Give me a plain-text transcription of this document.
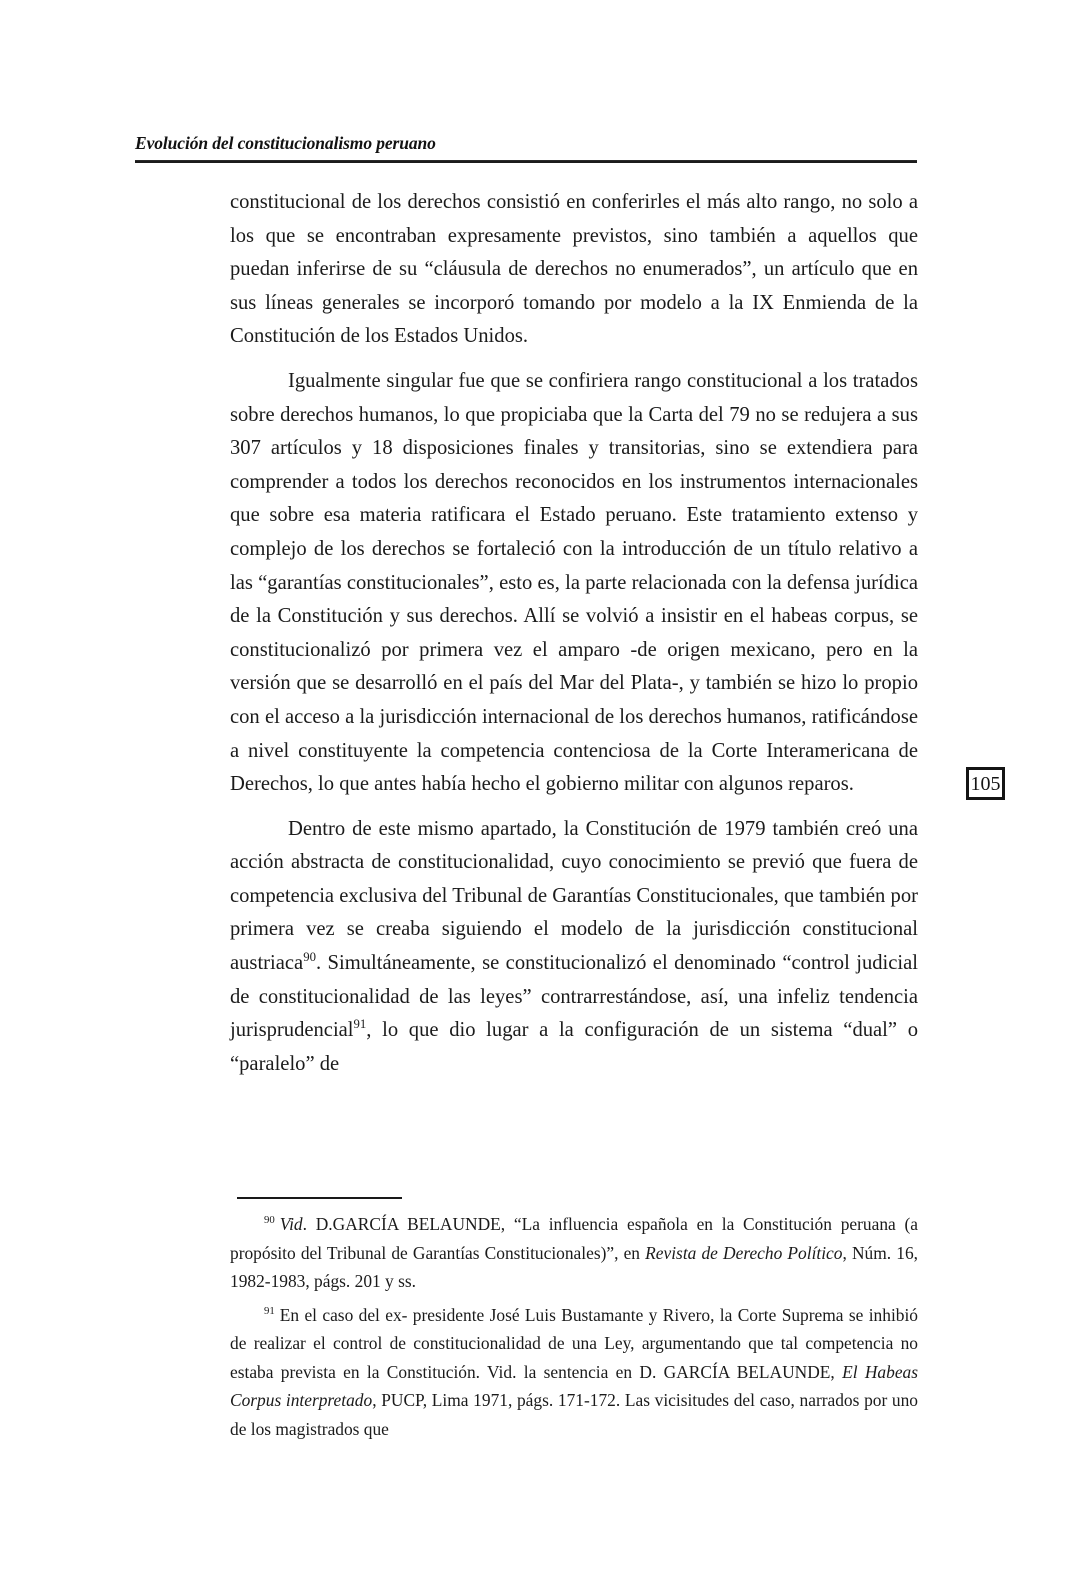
Evolución del constitucionalismo peruano

constitucional de los derechos consistió en conferirles el más alto rango, no solo a los que se encontraban expresamente previstos, sino también a aquellos que puedan inferirse de su “cláusula de derechos no enumerados”, un artículo que en sus líneas generales se incorporó tomando por modelo a la IX Enmienda de la Constitución de los Estados Unidos.

Igualmente singular fue que se confiriera rango constitucional a los tratados sobre derechos humanos, lo que propiciaba que la Carta del 79 no se redujera a sus 307 artículos y 18 disposiciones finales y transitorias, sino se extendiera para comprender a todos los derechos reconocidos en los instrumentos internacionales que sobre esa materia ratificara el Estado peruano. Este tratamiento extenso y complejo de los derechos se fortaleció con la introducción de un título relativo a las “garantías constitucionales”, esto es, la parte relacionada con la defensa jurídica de la Constitución y sus derechos. Allí se volvió a insistir en el habeas corpus, se constitucionalizó por primera vez el amparo -de origen mexicano, pero en la versión que se desarrolló en el país del Mar del Plata-, y también se hizo lo propio con el acceso a la jurisdicción internacional de los derechos humanos, ratificándose a nivel constituyente la competencia contenciosa de la Corte Interamericana de Derechos, lo que antes había hecho el gobierno militar con algunos reparos.

Dentro de este mismo apartado, la Constitución de 1979 también creó una acción abstracta de constitucionalidad, cuyo conocimiento se previó que fuera de competencia exclusiva del Tribunal de Garantías Constitucionales, que también por primera vez se creaba siguiendo el modelo de la jurisdicción constitucional austriaca$^{90}$. Simultáneamente, se constitucionalizó el denominado “control judicial de constitucionalidad de las leyes” contrarrestándose, así, una infeliz tendencia jurisprudencial$^{91}$, lo que dio lugar a la configuración de un sistema “dual” o “paralelo” de

105

$^{90}$ Vid. D.GARCÍA BELAUNDE, “La influencia española en la Constitución peruana (a propósito del Tribunal de Garantías Constitucionales)”, en Revista de Derecho Político, Núm. 16, 1982-1983, págs. 201 y ss.

$^{91}$ En el caso del ex- presidente José Luis Bustamante y Rivero, la Corte Suprema se inhibió de realizar el control de constitucionalidad de una Ley, argumentando que tal competencia no estaba prevista en la Constitución. Vid. la sentencia en D. GARCÍA BELAUNDE, El Habeas Corpus interpretado, PUCP, Lima 1971, págs. 171-172. Las vicisitudes del caso, narrados por uno de los magistrados que
